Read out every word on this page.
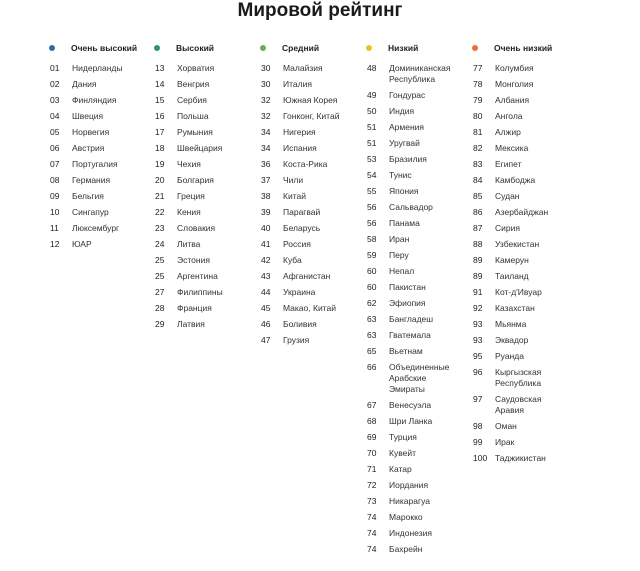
Мировой рейтинг
Очень высокий
01	Нидерланды
02	Дания
03	Финляндия
04	Швеция
05	Норвегия
06	Австрия
07	Португалия
08	Германия
09	Бельгия
10	Сингапур
11	Люксембург
12	ЮАР
Высокий
13	Хорватия
14	Венгрия
15	Сербия
16	Польша
17	Румыния
18	Швейцария
19	Чехия
20	Болгария
21	Греция
22	Кения
23	Словакия
24	Литва
25	Эстония
25	Аргентина
27	Филиппины
28	Франция
29	Латвия
Средний
30	Малайзия
30	Италия
32	Южная Корея
32	Гонконг, Китай
34	Нигерия
34	Испания
36	Коста-Рика
37	Чили
38	Китай
39	Парагвай
40	Беларусь
41	Россия
42	Куба
43	Афганистан
44	Украина
45	Макао, Китай
46	Боливия
47	Грузия
Низкий
48	Доминиканская Республика
49	Гондурас
50	Индия
51	Армения
51	Уругвай
53	Бразилия
54	Тунис
55	Япония
56	Сальвадор
56	Панама
58	Иран
59	Перу
60	Непал
60	Пакистан
62	Эфиопия
63	Бангладеш
63	Гватемала
65	Вьетнам
66	Объединенные Арабские Эмираты
67	Венесуэла
68	Шри Ланка
69	Турция
70	Кувейт
71	Катар
72	Иордания
73	Никарагуа
74	Марокко
74	Индонезия
74	Бахрейн
Очень низкий
77	Колумбия
78	Монголия
79	Албания
80	Ангола
81	Алжир
82	Мексика
83	Египет
84	Камбоджа
85	Судан
86	Азербайджан
87	Сирия
88	Узбекистан
89	Камерун
89	Таиланд
91	Кот-д'Ивуар
92	Казахстан
93	Мьянма
93	Эквадор
95	Руанда
96	Кыргызская Республика
97	Саудовская Аравия
98	Оман
99	Ирак
100 Таджикистан
